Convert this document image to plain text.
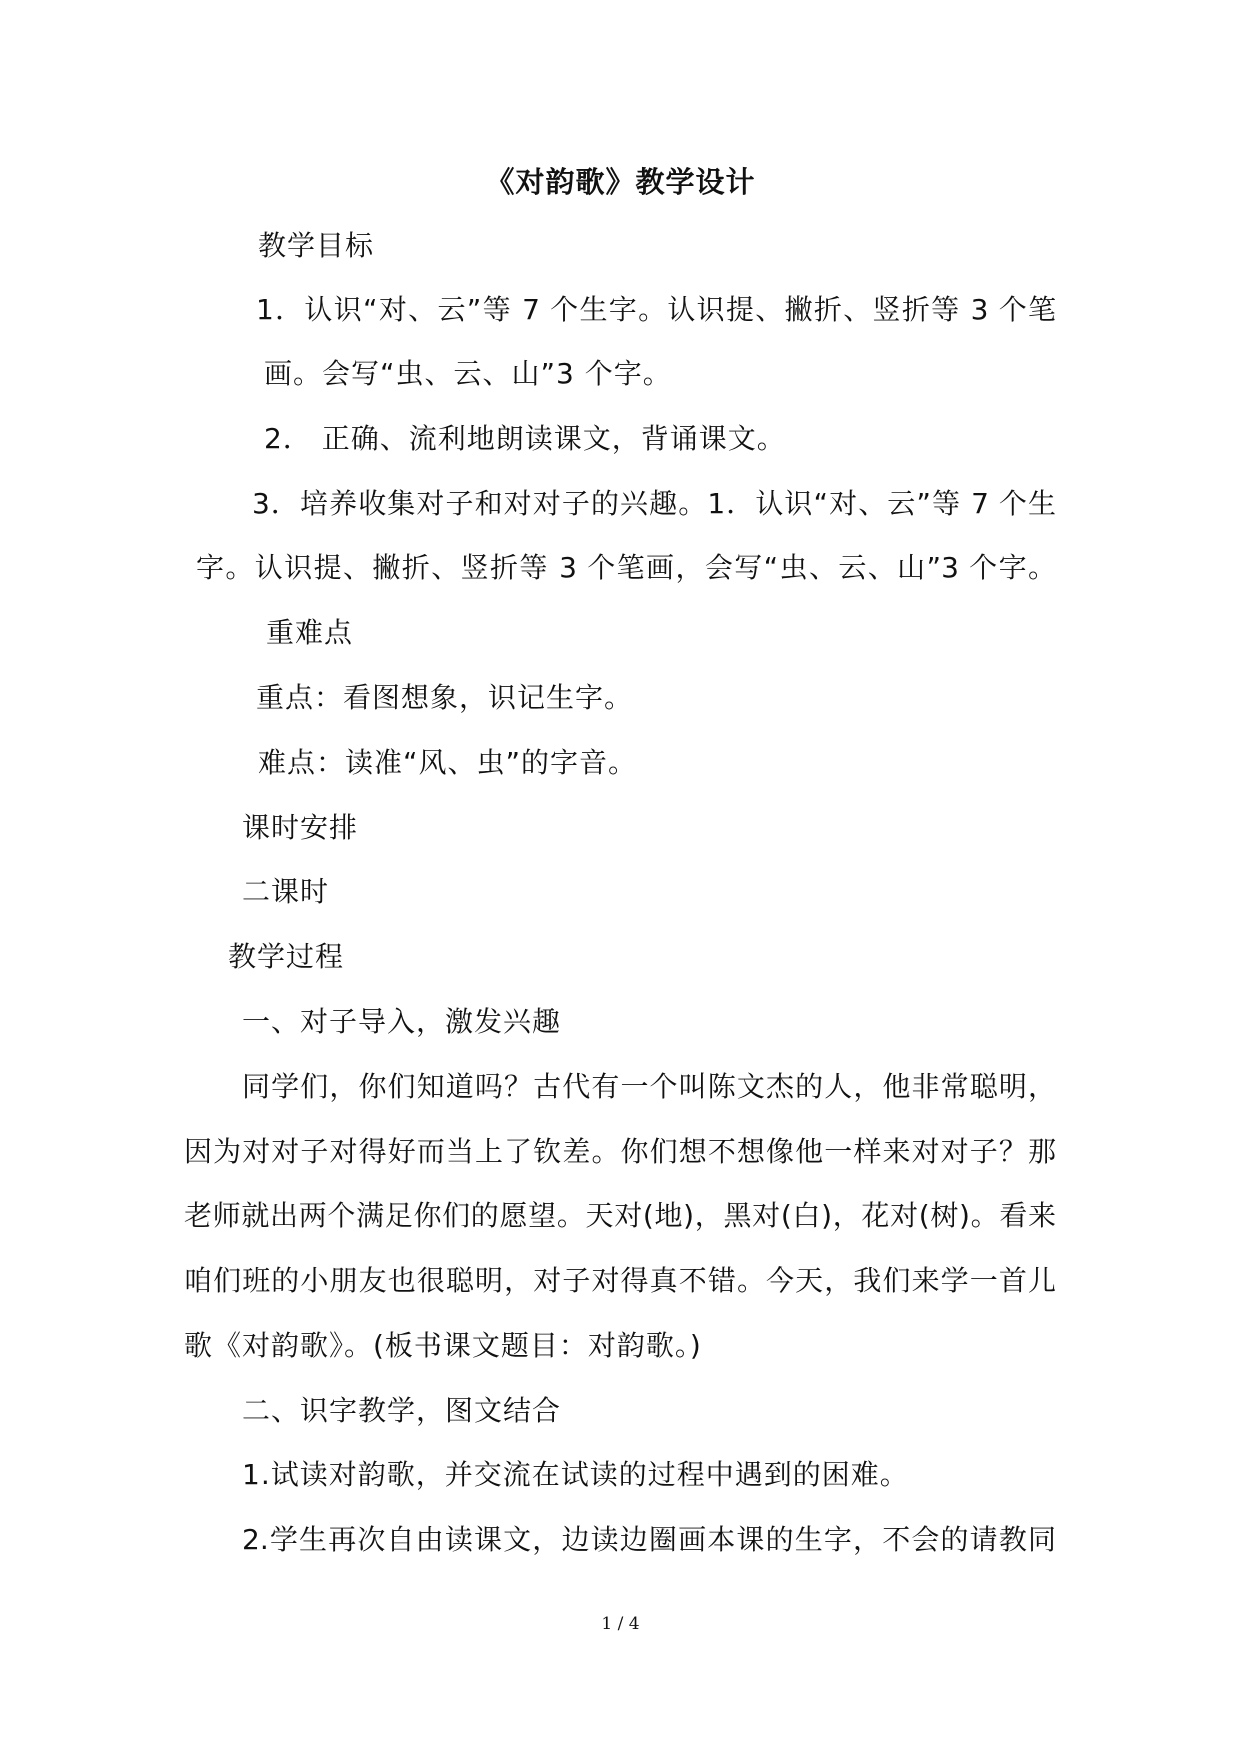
《对韵歌》教学设计
教学目标
1．认识“对、云”等 7 个生字。认识提、撇折、竖折等 3 个笔
画。会写“虫、云、山”3 个字。
2． 正确、流利地朗读课文，背诵课文。
3．培养收集对子和对对子的兴趣。1．认识“对、云”等 7 个生
字。认识提、撇折、竖折等 3 个笔画，会写“虫、云、山”3 个字。
重难点
重点：看图想象，识记生字。
难点：读准“风、虫”的字音。
课时安排
二课时
教学过程
一、对子导入，激发兴趣
同学们，你们知道吗？古代有一个叫陈文杰的人，他非常聪明，
因为对对子对得好而当上了钦差。你们想不想像他一样来对对子？那
老师就出两个满足你们的愿望。天对(地)，黑对(白)，花对(树)。看来
咱们班的小朋友也很聪明，对子对得真不错。今天，我们来学一首儿
歌《对韵歌》。(板书课文题目：对韵歌。)
二、识字教学，图文结合
1.试读对韵歌，并交流在试读的过程中遇到的困难。
2.学生再次自由读课文，边读边圈画本课的生字，不会的请教同
1 / 4
